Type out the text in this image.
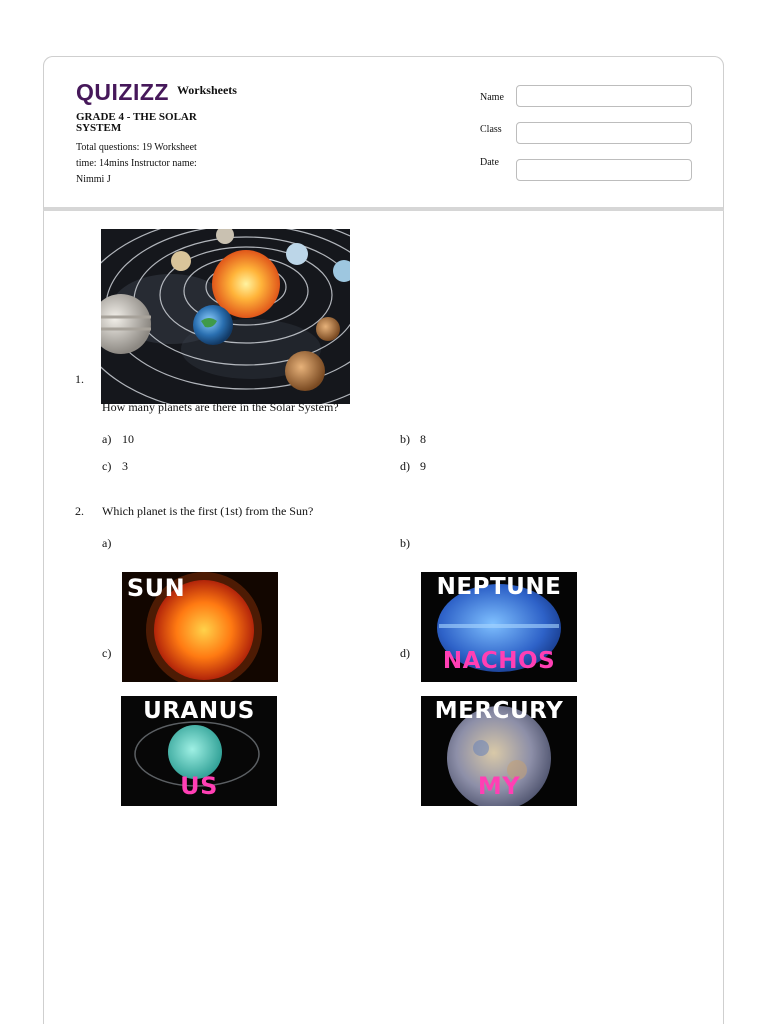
QUIZIZZ Worksheets
GRADE 4 - THE SOLAR SYSTEM
Total questions: 19 Worksheet
time: 14mins Instructor name:
Nimmi J
Name
Class
Date
1.
How many planets are there in the Solar System?
a) 10	b) 8
c) 3	d) 9
2. Which planet is the first (1st) from the Sun?
a)	b)
c)	d)
SUN	NEPTUNE
NACHOS
URANUS
US
MERCURY
MY
